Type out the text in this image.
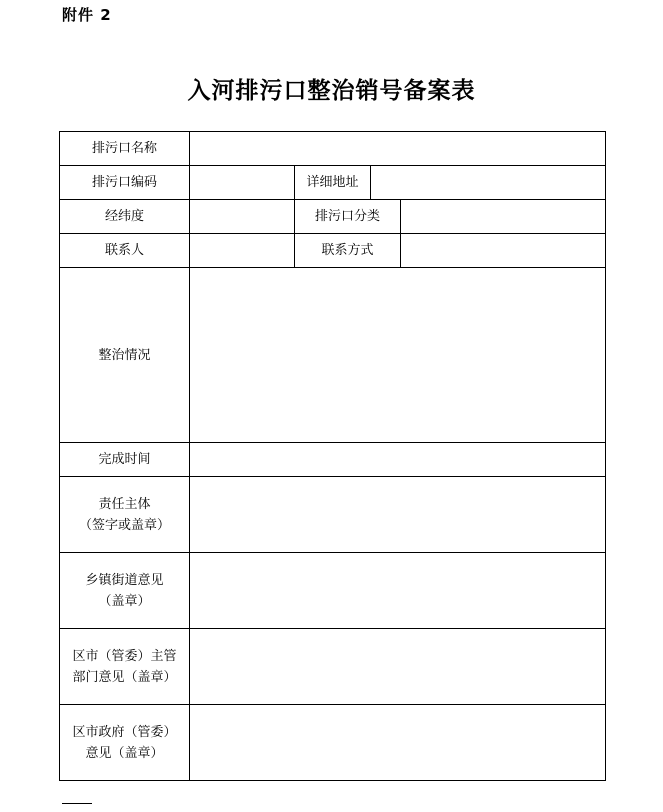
附件 2
入河排污口整治销号备案表
排污口名称				
排污口编码		详细地址		
经纬度		排污口分类		
联系人		联系方式		
整治情况				
完成时间				

责任主体
（签字或盖章）				

乡镇街道意见
（盖章）				

区市（管委）主管
部门意见（盖章）				

区市政府（管委）
意见（盖章）				
